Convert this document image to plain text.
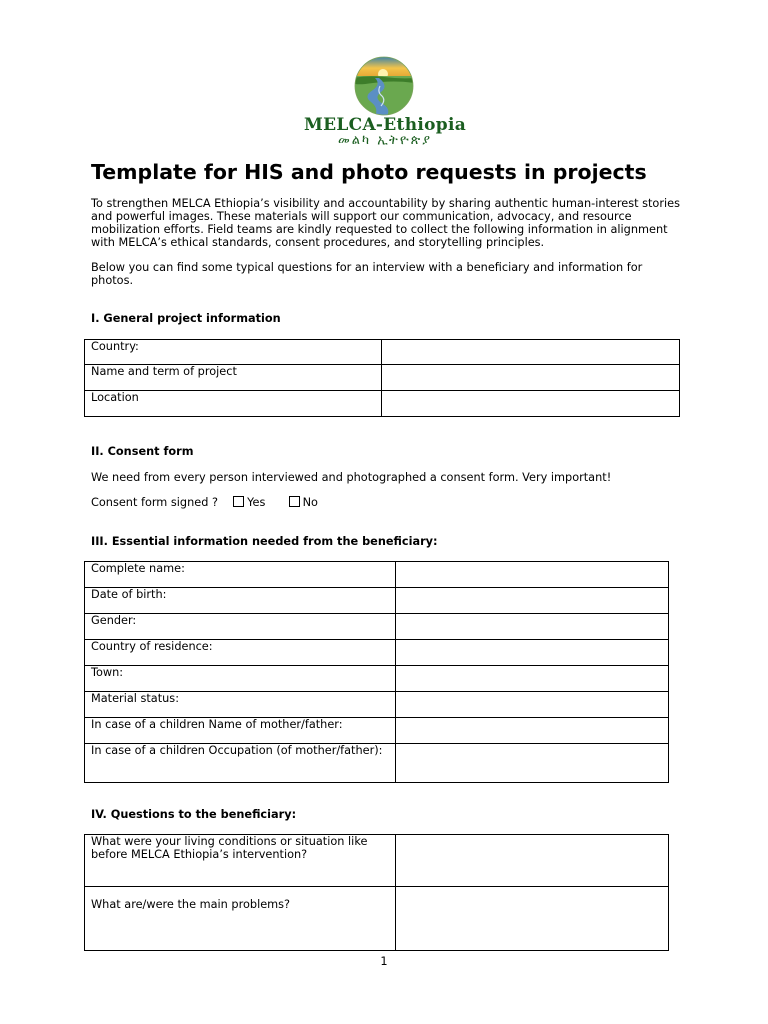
MELCA-Ethiopia
መልካ ኢትዮጵያ
Template for HIS and photo requests in projects

To strengthen MELCA Ethiopia’s visibility and accountability by sharing authentic human-interest stories and powerful images. These materials will support our communication, advocacy, and resource mobilization efforts. Field teams are kindly requested to collect the following information in alignment with MELCA’s ethical standards, consent procedures, and storytelling principles.

Below you can find some typical questions for an interview with a beneficiary and information for photos.

I. General project information

Country:	
Name and term of project	
Location	

II. Consent form

We need from every person interviewed and photographed a consent form. Very important!

Consent form signed ?	Yes	No

III. Essential information needed from the beneficiary:

Complete name:	
Date of birth:	
Gender:	
Country of residence:	
Town:	
Material status:	
In case of a children Name of mother/father:	
In case of a children Occupation (of mother/father):	

IV. Questions to the beneficiary:

What were your living conditions or situation like before MELCA Ethiopia’s intervention?	
What are/were the main problems?	
1
